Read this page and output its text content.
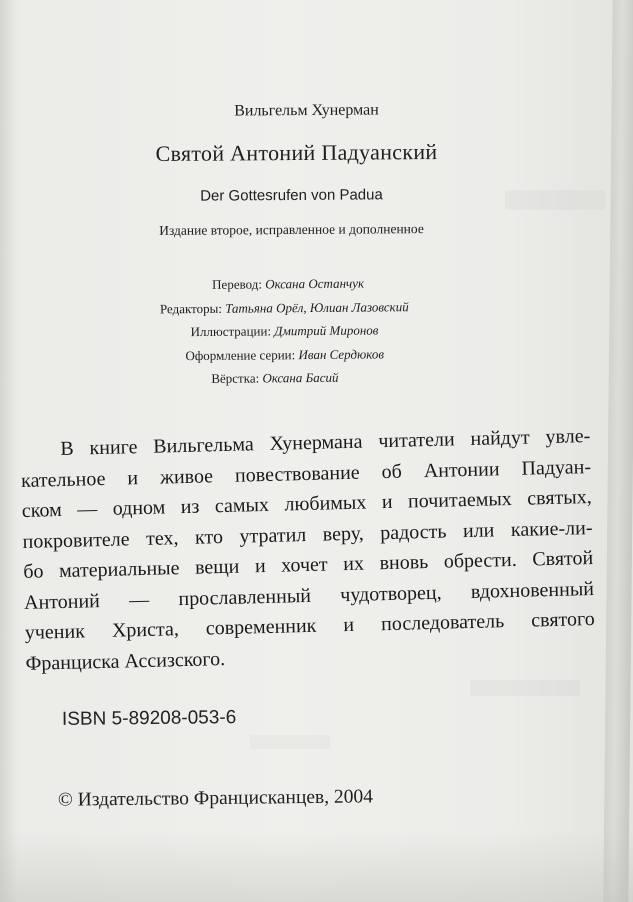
Вильгельм Хунерман
Святой Антоний Падуанский
Der Gottesrufen von Padua
Издание второе, исправленное и дополненное
Перевод: Оксана Останчук
Редакторы: Татьяна Орёл, Юлиан Лазовский
Иллюстрации: Дмитрий Миронов
Оформление серии: Иван Сердюков
Вёрстка: Оксана Басий
В книге Вильгельма Хунермана читатели найдут увле-
кательное и живое повествование об Антонии Падуан-
ском — одном из самых любимых и почитаемых святых,
покровителе тех, кто утратил веру, радость или какие-ли-
бо материальные вещи и хочет их вновь обрести. Святой
Антоний — прославленный чудотворец, вдохновенный
ученик Христа, современник и последователь святого
Франциска Ассизского.
ISBN 5-89208-053-6
© Издательство Францисканцев, 2004
